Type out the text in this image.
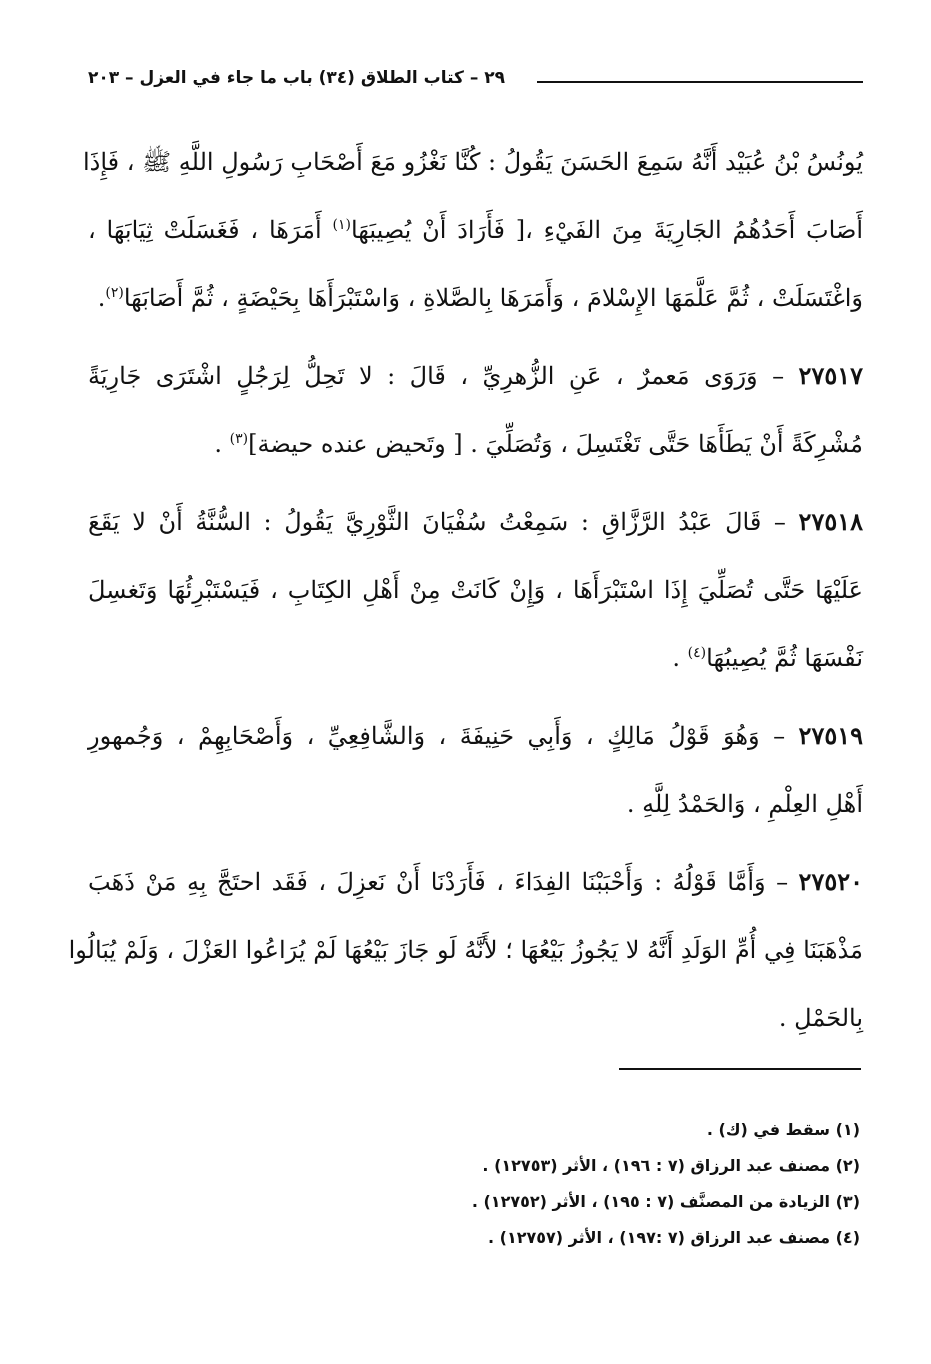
٢٩ – كتاب الطلاق (٣٤) باب ما جاء في العزل – ٢٠٣

يُونُسُ بْنُ عُبَيْد أَنَّهُ سَمِعَ الحَسَنَ يَقُولُ : كُنَّا نَغْزُو مَعَ أَصْحَابِ رَسُولِ اللَّهِ ﷺ ، فَإِذَا
أَصَابَ أَحَدُهُمُ الجَارِيَةَ مِنَ الفَيْءِ ،[ فَأَرَادَ أَنْ يُصِيبَهَا$^{(١)}$ أَمَرَهَا ، فَغَسَلَتْ ثِيَابَهَا ،
وَاغْتَسَلَتْ ، ثُمَّ عَلَّمَهَا الإِسْلامَ ، وَأَمَرَهَا بِالصَّلاةِ ، وَاسْتَبْرَأَهَا بِحَيْضَةٍ ، ثُمَّ أَصَابَهَا$^{(٢)}$.

٢٧٥١٧ – وَرَوَى مَعمرٌ ، عَنِ الزُّهرِيِّ ، قَالَ : لا تَحِلُّ لِرَجُلٍ اشْتَرَى جَارِيَةً
مُشْرِكَةً أَنْ يَطَأَهَا حَتَّى تَغْتَسِلَ ، وَتُصَلِّيَ . [ وتَحيض عنده حيضة]$^{(٣)}$ .

٢٧٥١٨ – قَالَ عَبْدُ الرَّزَّاقِ : سَمِعْتُ سُفْيَانَ الثَّوْرِيَّ يَقُولُ : السُّنَّةُ أَنْ لا يَقَعَ
عَلَيْهَا حَتَّى تُصَلِّيَ إِذَا اسْتَبْرَأَهَا ، وَإِنْ كَانَتْ مِنْ أَهْلِ الكِتَابِ ، فَيَسْتَبْرِئُهَا وَتَغسِلَ
نَفْسَهَا ثُمَّ يُصِيبُهَا$^{(٤)}$ .

٢٧٥١٩ – وَهُوَ قَوْلُ مَالِكٍ ، وَأَبِي حَنِيفَةَ ، وَالشَّافِعِيِّ ، وَأَصْحَابِهِمْ ، وَجُمهورِ
أَهْلِ العِلْمِ ، وَالحَمْدُ لِلَّهِ .

٢٧٥٢٠ – وَأَمَّا قَوْلُهُ : وَأَحْبَبْنَا الفِدَاءَ ، فَأَرَدْنَا أَنْ نَعزِلَ ، فَقَد احتَجَّ بِهِ مَنْ ذَهَبَ
مَذْهَبَنَا فِي أُمِّ الوَلَدِ أَنَّهُ لا يَجُوزُ بَيْعُهَا ؛ لأَنَّهُ لَو جَازَ بَيْعُهَا لَمْ يُرَاعُوا العَزْلَ ، وَلَمْ يُبَالُوا
بِالحَمْلِ .

(١) سقط في (ك) .
(٢) مصنف عبد الرزاق (٧ : ١٩٦) ، الأثر (١٢٧٥٣) .
(٣) الزيادة من المصنَّف (٧ : ١٩٥) ، الأثر (١٢٧٥٢) .
(٤) مصنف عبد الرزاق (٧ :١٩٧) ، الأثر (١٢٧٥٧) .
